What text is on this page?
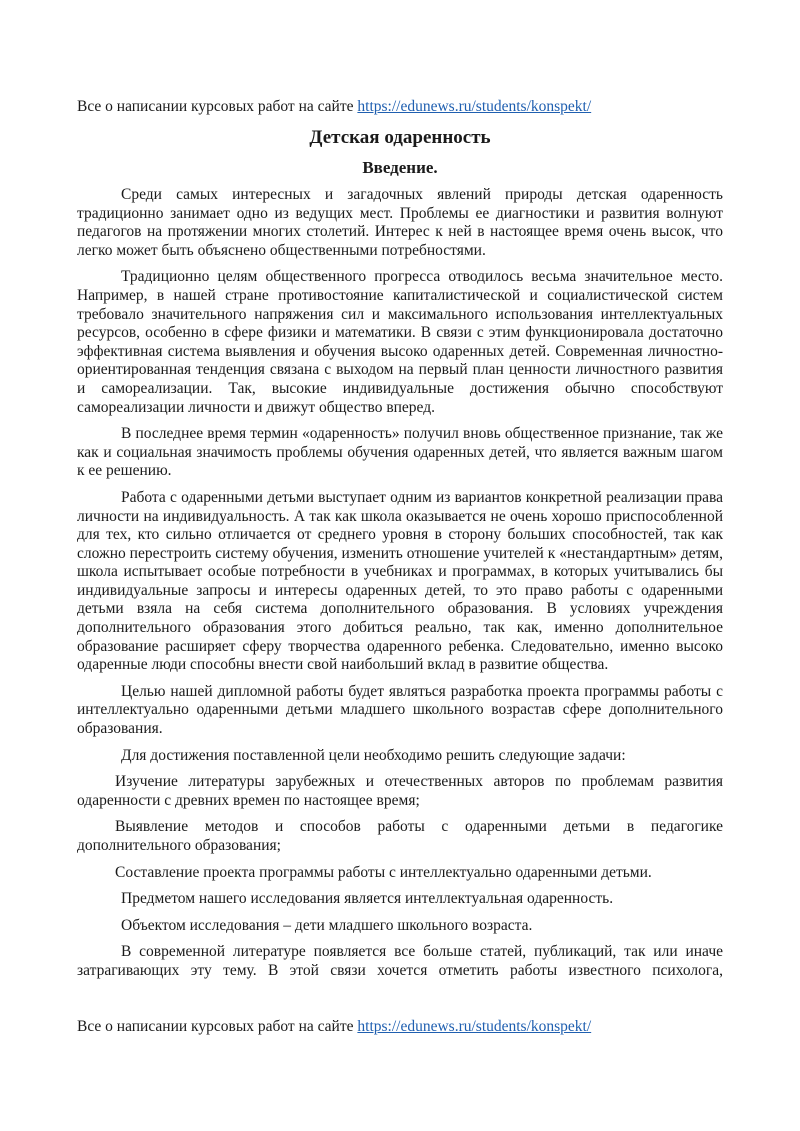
Все о написании курсовых работ на сайте https://edunews.ru/students/konspekt/
Детская одаренность
Введение.

Среди самых интересных и загадочных явлений природы детская одаренность традиционно занимает одно из ведущих мест. Проблемы ее диагностики и развития волнуют педагогов на протяжении многих столетий. Интерес к ней в настоящее время очень высок, что легко может быть объяснено общественными потребностями.

Традиционно целям общественного прогресса отводилось весьма значительное место. Например, в нашей стране противостояние капиталистической и социалистической систем требовало значительного напряжения сил и максимального использования интеллектуальных ресурсов, особенно в сфере физики и математики. В связи с этим функционировала достаточно эффективная система выявления и обучения высоко одаренных детей. Современная личностно-ориентированная тенденция связана с выходом на первый план ценности личностного развития и самореализации. Так, высокие индивидуальные достижения обычно способствуют самореализации личности и движут общество вперед.

В последнее время термин «одаренность» получил вновь общественное признание, так же как и социальная значимость проблемы обучения одаренных детей, что является важным шагом к ее решению.

Работа с одаренными детьми выступает одним из вариантов конкретной реализации права личности на индивидуальность. А так как школа оказывается не очень хорошо приспособленной для тех, кто сильно отличается от среднего уровня в сторону больших способностей, так как сложно перестроить систему обучения, изменить отношение учителей к «нестандартным» детям, школа испытывает особые потребности в учебниках и программах, в которых учитывались бы индивидуальные запросы и интересы одаренных детей, то это право работы с одаренными детьми взяла на себя система дополнительного образования. В условиях учреждения дополнительного образования этого добиться реально, так как, именно дополнительное образование расширяет сферу творчества одаренного ребенка. Следовательно, именно высоко одаренные люди способны внести свой наибольший вклад в развитие общества.

Целью нашей дипломной работы будет являться разработка проекта программы работы с интеллектуально одаренными детьми младшего школьного возрастав сфере дополнительного образования.

Для достижения поставленной цели необходимо решить следующие задачи:

Изучение литературы зарубежных и отечественных авторов по проблемам развития одаренности с древних времен по настоящее время;

Выявление методов и способов работы с одаренными детьми в педагогике дополнительного образования;

Составление проекта программы работы с интеллектуально одаренными детьми.

Предметом нашего исследования является интеллектуальная одаренность.

Объектом исследования – дети младшего школьного возраста.

В современной литературе появляется все больше статей, публикаций, так или иначе затрагивающих эту тему. В этой связи хочется отметить работы известного психолога,

Все о написании курсовых работ на сайте https://edunews.ru/students/konspekt/
